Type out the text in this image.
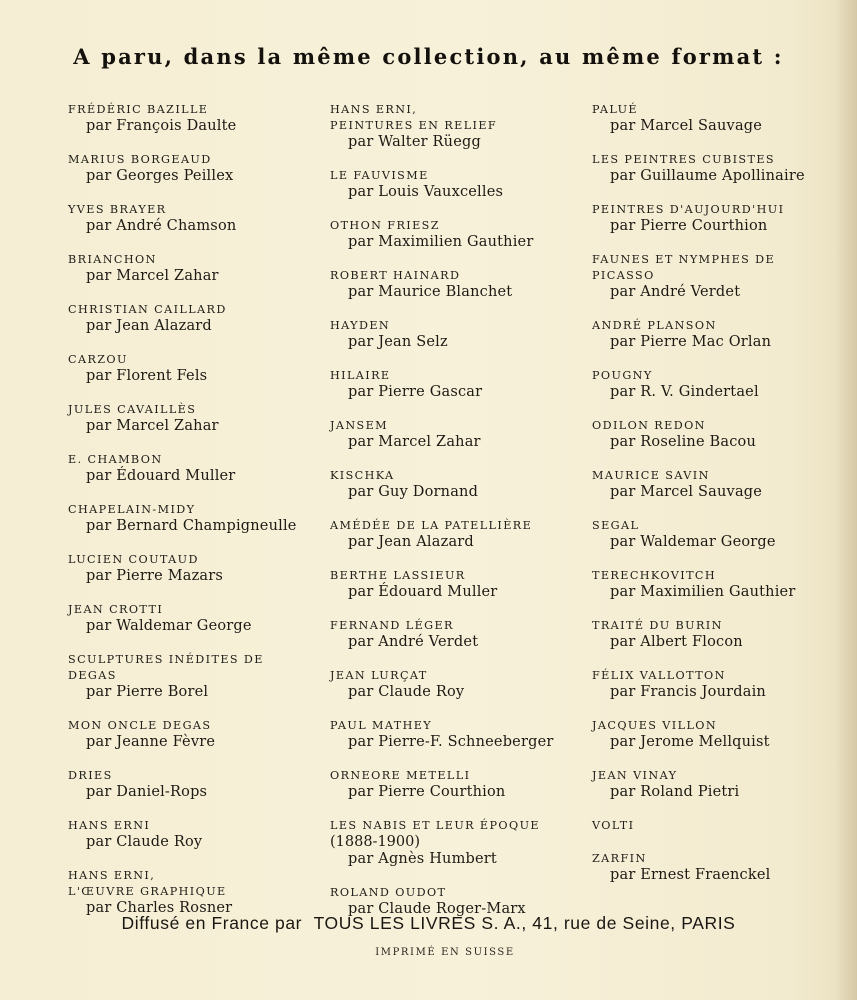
A paru, dans la même collection, au même format :
FRÉDÉRIC BAZILLE
par François Daulte
MARIUS BORGEAUD
par Georges Peillex
YVES BRAYER
par André Chamson
BRIANCHON
par Marcel Zahar
CHRISTIAN CAILLARD
par Jean Alazard
CARZOU
par Florent Fels
JULES CAVAILLÈS
par Marcel Zahar
E. CHAMBON
par Édouard Muller
CHAPELAIN-MIDY
par Bernard Champigneulle
LUCIEN COUTAUD
par Pierre Mazars
JEAN CROTTI
par Waldemar George
SCULPTURES INÉDITES DE
DEGAS
par Pierre Borel
MON ONCLE DEGAS
par Jeanne Fèvre
DRIES
par Daniel-Rops
HANS ERNI
par Claude Roy
HANS ERNI,
L'ŒUVRE GRAPHIQUE
par Charles Rosner
HANS ERNI,
PEINTURES EN RELIEF
par Walter Rüegg
LE FAUVISME
par Louis Vauxcelles
OTHON FRIESZ
par Maximilien Gauthier
ROBERT HAINARD
par Maurice Blanchet
HAYDEN
par Jean Selz
HILAIRE
par Pierre Gascar
JANSEM
par Marcel Zahar
KISCHKA
par Guy Dornand
AMÉDÉE DE LA PATELLIÈRE
par Jean Alazard
BERTHE LASSIEUR
par Édouard Muller
FERNAND LÉGER
par André Verdet
JEAN LURÇAT
par Claude Roy
PAUL MATHEY
par Pierre-F. Schneeberger
ORNEORE METELLI
par Pierre Courthion
LES NABIS ET LEUR ÉPOQUE
(1888-1900)
par Agnès Humbert
ROLAND OUDOT
par Claude Roger-Marx
PALUÉ
par Marcel Sauvage
LES PEINTRES CUBISTES
par Guillaume Apollinaire
PEINTRES D'AUJOURD'HUI
par Pierre Courthion
FAUNES ET NYMPHES DE
PICASSO
par André Verdet
ANDRÉ PLANSON
par Pierre Mac Orlan
POUGNY
par R. V. Gindertael
ODILON REDON
par Roseline Bacou
MAURICE SAVIN
par Marcel Sauvage
SEGAL
par Waldemar George
TERECHKOVITCH
par Maximilien Gauthier
TRAITÉ DU BURIN
par Albert Flocon
FÉLIX VALLOTTON
par Francis Jourdain
JACQUES VILLON
par Jerome Mellquist
JEAN VINAY
par Roland Pietri
VOLTI
ZARFIN
par Ernest Fraenckel
Diffusé en France par TOUS LES LIVRES S. A., 41, rue de Seine, PARIS
IMPRIMÉ EN SUISSE
